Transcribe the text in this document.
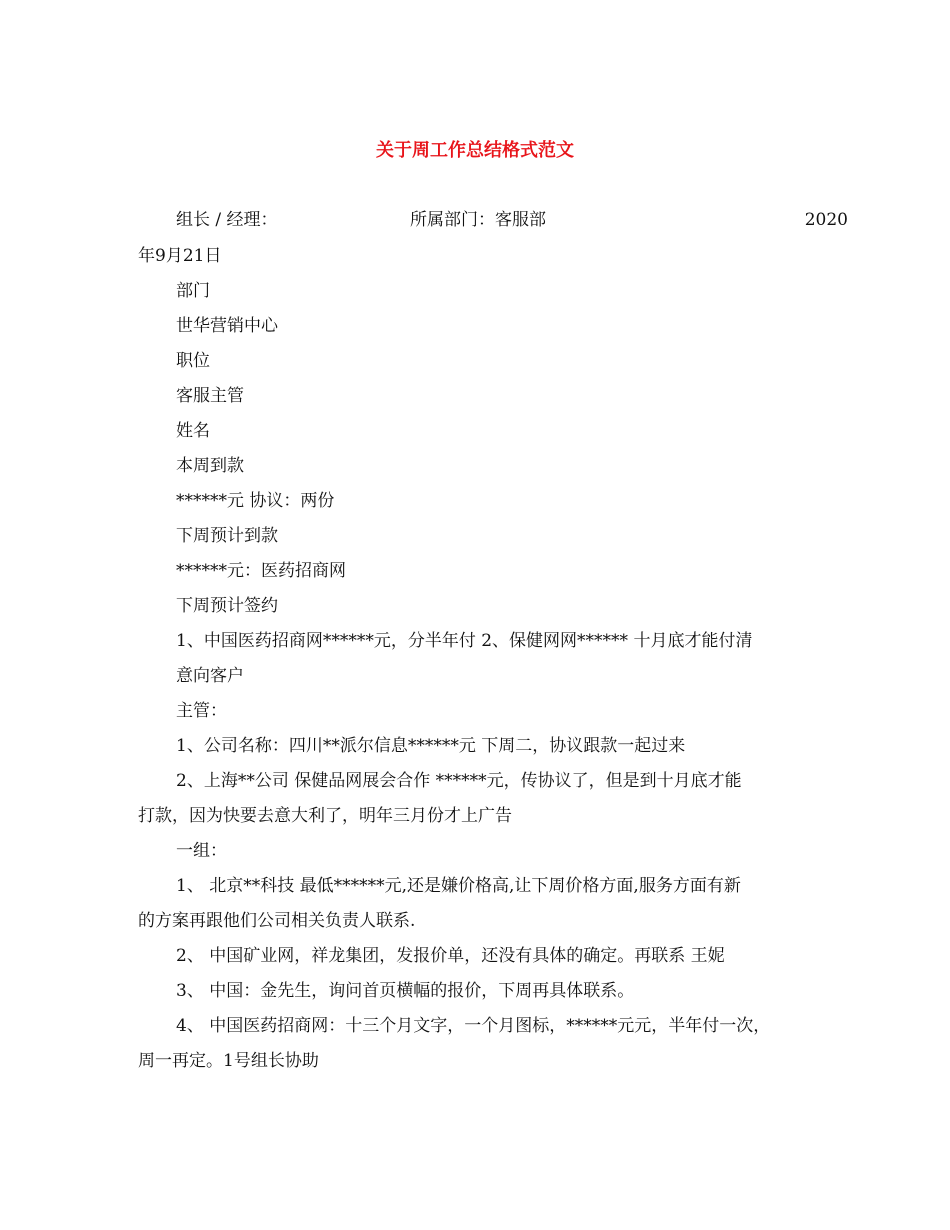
关于周工作总结格式范文
组长 / 经理：	所属部门：客服部	2020
年9月21日
部门
世华营销中心
职位
客服主管
姓名
本周到款
******元 协议：两份
下周预计到款
******元：医药招商网
下周预计签约
1、中国医药招商网******元，分半年付 2、保健网网****** 十月底才能付清
意向客户
主管：
1、公司名称：四川**派尔信息******元 下周二，协议跟款一起过来
2、上海**公司 保健品网展会合作 ******元，传协议了，但是到十月底才能
打款，因为快要去意大利了，明年三月份才上广告
一组：
1、 北京**科技 最低******元,还是嫌价格高,让下周价格方面,服务方面有新
的方案再跟他们公司相关负责人联系.
2、 中国矿业网，祥龙集团，发报价单，还没有具体的确定。再联系 王妮
3、 中国：金先生，询问首页横幅的报价，下周再具体联系。
4、 中国医药招商网：十三个月文字，一个月图标，******元元，半年付一次，
周一再定。1号组长协助
